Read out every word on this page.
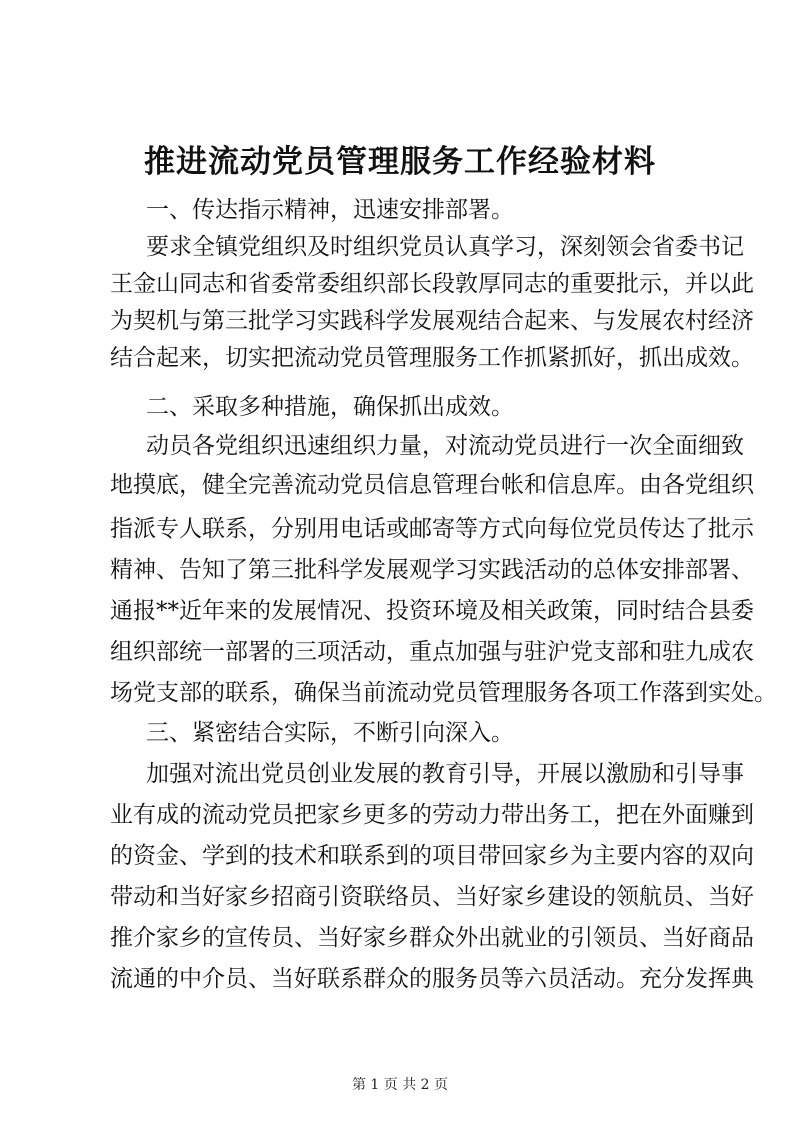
推进流动党员管理服务工作经验材料
一、传达指示精神，迅速安排部署。
要求全镇党组织及时组织党员认真学习，深刻领会省委书记
王金山同志和省委常委组织部长段敦厚同志的重要批示，并以此
为契机与第三批学习实践科学发展观结合起来、与发展农村经济
结合起来，切实把流动党员管理服务工作抓紧抓好，抓出成效。
二、采取多种措施，确保抓出成效。
动员各党组织迅速组织力量，对流动党员进行一次全面细致
地摸底，健全完善流动党员信息管理台帐和信息库。由各党组织
指派专人联系，分别用电话或邮寄等方式向每位党员传达了批示
精神、告知了第三批科学发展观学习实践活动的总体安排部署、
通报**近年来的发展情况、投资环境及相关政策，同时结合县委
组织部统一部署的三项活动，重点加强与驻沪党支部和驻九成农
场党支部的联系，确保当前流动党员管理服务各项工作落到实处。
三、紧密结合实际，不断引向深入。
加强对流出党员创业发展的教育引导，开展以激励和引导事
业有成的流动党员把家乡更多的劳动力带出务工，把在外面赚到
的资金、学到的技术和联系到的项目带回家乡为主要内容的双向
带动和当好家乡招商引资联络员、当好家乡建设的领航员、当好
推介家乡的宣传员、当好家乡群众外出就业的引领员、当好商品
流通的中介员、当好联系群众的服务员等六员活动。充分发挥典
第 1 页 共 2 页
